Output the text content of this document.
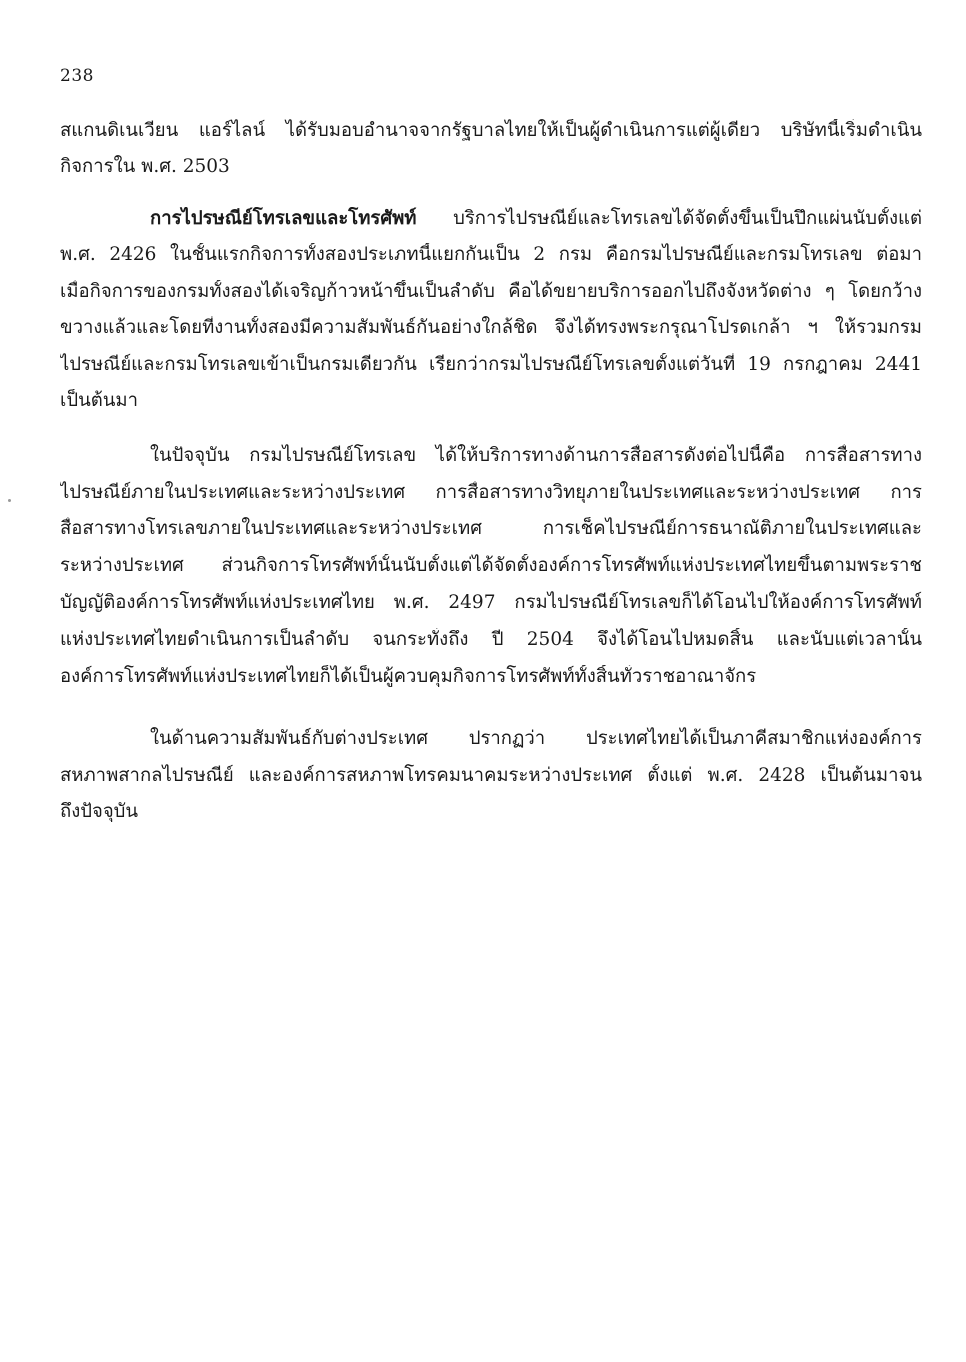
238
สแกนดิเนเวียน แอร์ไลน์ ได้รับมอบอำนาจจากรัฐบาลไทยให้เป็นผู้ดำเนินการแต่ผู้เดียว บริษัทนี้เริ่มดำเนิน
กิจการใน พ.ศ. 2503
การไปรษณีย์โทรเลขและโทรศัพท์ บริการไปรษณีย์และโทรเลขได้จัดตั้งขึ้นเป็นปึกแผ่นนับตั้งแต่
พ.ศ. 2426 ในชั้นแรกกิจการทั้งสองประเภทนี้แยกกันเป็น 2 กรม คือกรมไปรษณีย์และกรมโทรเลข ต่อมา
เมื่อกิจการของกรมทั้งสองได้เจริญก้าวหน้าขึ้นเป็นลำดับ คือได้ขยายบริการออกไปถึงจังหวัดต่าง ๆ โดยกว้าง
ขวางแล้วและโดยที่งานทั้งสองมีความสัมพันธ์กันอย่างใกล้ชิด จึงได้ทรงพระกรุณาโปรดเกล้า ฯ ให้รวมกรม
ไปรษณีย์และกรมโทรเลขเข้าเป็นกรมเดียวกัน เรียกว่ากรมไปรษณีย์โทรเลขตั้งแต่วันที่ 19 กรกฎาคม 2441
เป็นต้นมา
ในปัจจุบัน กรมไปรษณีย์โทรเลข ได้ให้บริการทางด้านการสื่อสารดังต่อไปนี้คือ การสื่อสารทาง
ไปรษณีย์ภายในประเทศและระหว่างประเทศ การสื่อสารทางวิทยุภายในประเทศและระหว่างประเทศ การ
สื่อสารทางโทรเลขภายในประเทศและระหว่างประเทศ การเช็คไปรษณีย์การธนาณัติภายในประเทศและ
ระหว่างประเทศ ส่วนกิจการโทรศัพท์นั้นนับตั้งแต่ได้จัดตั้งองค์การโทรศัพท์แห่งประเทศไทยขึ้นตามพระราช
บัญญัติองค์การโทรศัพท์แห่งประเทศไทย พ.ศ. 2497 กรมไปรษณีย์โทรเลขก็ได้โอนไปให้องค์การโทรศัพท์
แห่งประเทศไทยดำเนินการเป็นลำดับ จนกระทั่งถึง ปี 2504 จึงได้โอนไปหมดสิ้น และนับแต่เวลานั้น
องค์การโทรศัพท์แห่งประเทศไทยก็ได้เป็นผู้ควบคุมกิจการโทรศัพท์ทั้งสิ้นทั่วราชอาณาจักร
ในด้านความสัมพันธ์กับต่างประเทศ ปรากฏว่า ประเทศไทยได้เป็นภาคีสมาชิกแห่งองค์การ
สหภาพสากลไปรษณีย์ และองค์การสหภาพโทรคมนาคมระหว่างประเทศ ตั้งแต่ พ.ศ. 2428 เป็นต้นมาจน
ถึงปัจจุบัน
